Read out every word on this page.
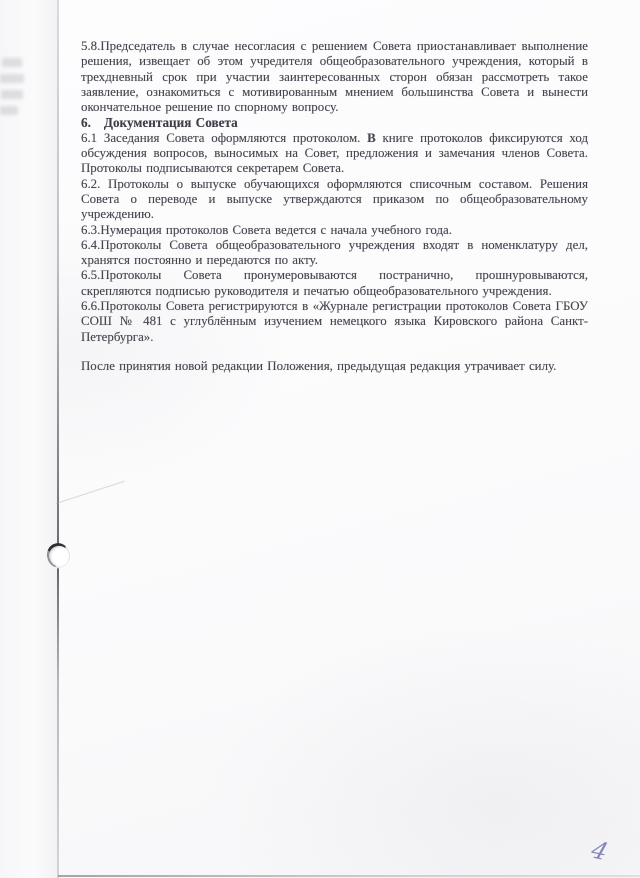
5.8.Председатель в случае несогласия с решением Совета приостанавливает выполнение решения, извещает об этом учредителя общеобразовательного учреждения, который в трехдневный срок при участии заинтересованных сторон обязан рассмотреть такое заявление, ознакомиться с мотивированным мнением большинства Совета и вынести окончательное решение по спорному вопросу.

6. Документация Совета

6.1 Заседания Совета оформляются протоколом. В книге протоколов фиксируются ход обсуждения вопросов, выносимых на Совет, предложения и замечания членов Совета. Протоколы подписываются секретарем Совета.

6.2. Протоколы о выпуске обучающихся оформляются списочным составом. Решения Совета о переводе и выпуске утверждаются приказом по общеобразовательному учреждению.

6.3.Нумерация протоколов Совета ведется с начала учебного года.

6.4.Протоколы Совета общеобразовательного учреждения входят в номенклатуру дел, хранятся постоянно и передаются по акту.

6.5.Протоколы Совета пронумеровываются постранично, прошнуровываются, скрепляются подписью руководителя и печатью общеобразовательного учреждения.

6.6.Протоколы Совета регистрируются в «Журнале регистрации протоколов Совета ГБОУ СОШ № 481 с углублённым изучением немецкого языка Кировского района Санкт-Петербурга».

После принятия новой редакции Положения, предыдущая редакция утрачивает силу.

4
